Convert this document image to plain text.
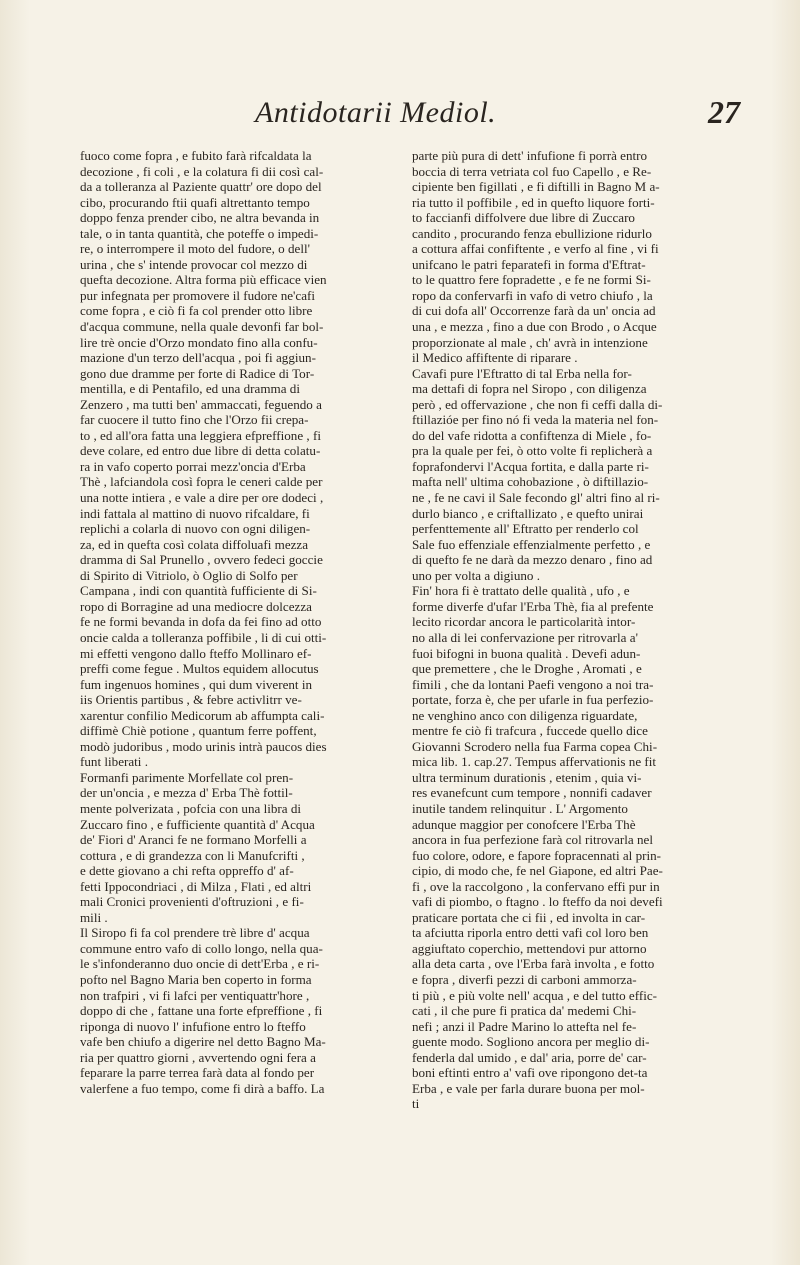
Antidotarii Mediol.	27
fuoco come fopra , e fubito farà rifcaldata la
decozione , fi coli , e la colatura fi dii così cal-
da a tolleranza al Paziente quattr' ore dopo del
cibo, procurando ftii quafi altrettanto tempo
doppo fenza prender cibo, ne altra bevanda in
tale, o in tanta quantità, che poteffe o impedi-
re, o interrompere il moto del fudore, o dell'
urina , che s' intende provocar col mezzo di
quefta decozione. Altra forma più efficace vien
pur infegnata per promovere il fudore ne'cafi
come fopra , e ciò fi fa col prender otto libre
d'acqua commune, nella quale devonfi far bol-
lire trè oncie d'Orzo mondato fino alla confu-
mazione d'un terzo dell'acqua , poi fi aggiun-
gono due dramme per forte di Radice di Tor-
mentilla, e di Pentafilo, ed una dramma di
Zenzero , ma tutti ben' ammaccati, feguendo a
far cuocere il tutto fino che l'Orzo fii crepa-
to , ed all'ora fatta una leggiera efpreffione , fi
deve colare, ed entro due libre di detta colatu-
ra in vafo coperto porrai mezz'oncia d'Erba
Thè , lafciandola così fopra le ceneri calde per
una notte intiera , e vale a dire per ore dodeci ,
indi fattala al mattino di nuovo rifcaldare, fi
replichi a colarla di nuovo con ogni diligen-
za, ed in quefta così colata diffoluafi mezza
dramma di Sal Prunello , ovvero fedeci goccie
di Spirito di Vitriolo, ò Oglio di Solfo per
Campana , indi con quantità fufficiente di Si-
ropo di Borragine ad una mediocre dolcezza
fe ne formi bevanda in dofa da fei fino ad otto
oncie calda a tolleranza poffibile , li di cui otti-
mi effetti vengono dallo fteffo Mollinaro ef-
preffi come fegue . Multos equidem allocutus
fum ingenuos homines , qui dum viverent in
iis Orientis partibus , & febre activlitrr ve-
xarentur confilio Medicorum ab affumpta cali-
diffimè Chiè potione , quantum ferre poffent,
modò judoribus , modo urinis intrà paucos dies
funt liberati .
Formanfi parimente Morfellate col pren-
der un'oncia , e mezza d' Erba Thè fottil-
mente polverizata , pofcia con una libra di
Zuccaro fino , e fufficiente quantità d' Acqua
de' Fiori d' Aranci fe ne formano Morfelli a
cottura , e di grandezza con li Manufcrifti ,
e dette giovano a chi refta oppreffo d' af-
fetti Ippocondriaci , di Milza , Flati , ed altri
mali Cronici provenienti d'oftruzioni , e fi-
mili .
Il Siropo fi fa col prendere trè libre d' acqua
commune entro vafo di collo longo, nella qua-
le s'infonderanno duo oncie di dett'Erba , e ri-
pofto nel Bagno Maria ben coperto in forma
non trafpiri , vi fi lafci per ventiquattr'hore ,
doppo di che , fattane una forte efpreffione , fi
riponga di nuovo l' infufione entro lo fteffo
vafe ben chiufo a digerire nel detto Bagno Ma-
ria per quattro giorni , avvertendo ogni fera a
feparare la parre terrea farà data al fondo per
valerfene a fuo tempo, come fi dirà a baffo. La
parte più pura di dett' infufione fi porrà entro
boccia di terra vetriata col fuo Capello , e Re-
cipiente ben figillati , e fi diftilli in Bagno M a-
ria tutto il poffibile , ed in quefto liquore forti-
to faccianfi diffolvere due libre di Zuccaro
candito , procurando fenza ebullizione ridurlo
a cottura affai confiftente , e verfo al fine , vi fi
unifcano le patri feparatefi in forma d'Eftrat-
to le quattro fere fopradette , e fe ne formi Si-
ropo da confervarfi in vafo di vetro chiufo , la
di cui dofa all' Occorrenze farà da un' oncia ad
una , e mezza , fino a due con Brodo , o Acque
proporzionate al male , ch' avrà in intenzione
il Medico affiftente di riparare .
Cavafi pure l'Eftratto di tal Erba nella for-
ma dettafi di fopra nel Siropo , con diligenza
però , ed offervazione , che non fi ceffi dalla di-
ftillazióe per fino nó fi veda la materia nel fon-
do del vafe ridotta a confiftenza di Miele , fo-
pra la quale per fei, ò otto volte fi replicherà a
foprafondervi l'Acqua fortita, e dalla parte ri-
mafta nell' ultima cohobazione , ò diftillazio-
ne , fe ne cavi il Sale fecondo gl' altri fino al ri-
durlo bianco , e criftallizato , e quefto unirai
perfenttemente all' Eftratto per renderlo col
Sale fuo effenziale effenzialmente perfetto , e
di quefto fe ne darà da mezzo denaro , fino ad
uno per volta a digiuno .
Fin' hora fi è trattato delle qualità , ufo , e
forme diverfe d'ufar l'Erba Thè, fia al prefente
lecito ricordar ancora le particolarità intor-
no alla di lei confervazione per ritrovarla a'
fuoi bifogni in buona qualità . Devefi adun-
que premettere , che le Droghe , Aromati , e
fimili , che da lontani Paefi vengono a noi tra-
portate, forza è, che per ufarle in fua perfezio-
ne venghino anco con diligenza riguardate,
mentre fe ciò fi trafcura , fuccede quello dice
Giovanni Scrodero nella fua Farma copea Chi-
mica lib. 1. cap.27. Tempus affervationis ne fit
ultra terminum durationis , etenim , quia vi-
res evanefcunt cum tempore , nonnifi cadaver
inutile tandem relinquitur . L' Argomento
adunque maggior per conofcere l'Erba Thè
ancora in fua perfezione farà col ritrovarla nel
fuo colore, odore, e fapore fopracennati al prin-
cipio, di modo che, fe nel Giapone, ed altri Pae-
fi , ove la raccolgono , la confervano effi pur in
vafi di piombo, o ftagno . lo fteffo da noi devefi
praticare portata che ci fii , ed involta in car-
ta afciutta riporla entro detti vafi col loro ben
aggiuftato coperchio, mettendovi pur attorno
alla deta carta , ove l'Erba farà involta , e fotto
e fopra , diverfi pezzi di carboni ammorza-
ti più , e più volte nell' acqua , e del tutto effic-
cati , il che pure fi pratica da' medemi Chi-
nefi ; anzi il Padre Marino lo attefta nel fe-
guente modo. Sogliono ancora per meglio di-
fenderla dal umido , e dal' aria, porre de' car-
boni eftinti entro a' vafi ove ripongono det-ta
Erba , e vale per farla durare buona per mol-
ti
